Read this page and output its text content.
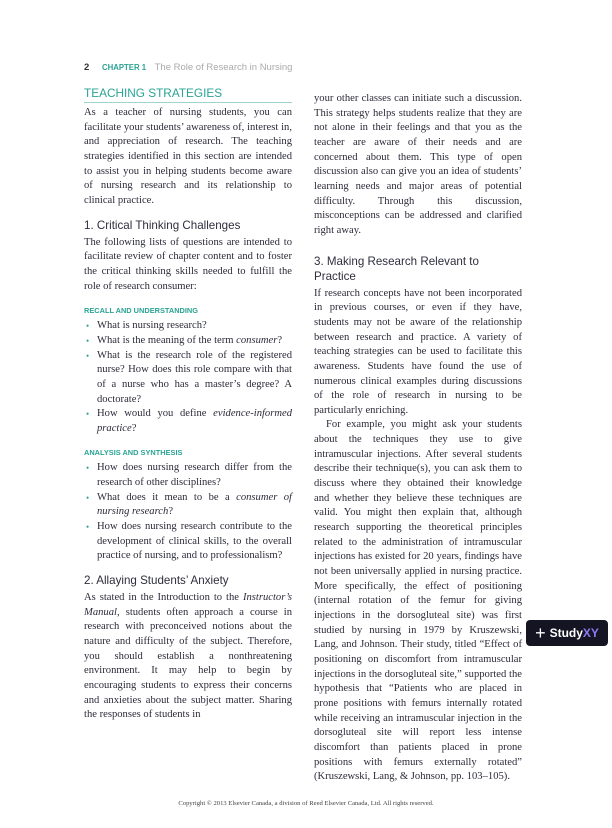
2 CHAPTER 1 The Role of Research in Nursing
TEACHING STRATEGIES

As a teacher of nursing students, you can facilitate your students’ awareness of, interest in, and appreciation of research. The teaching strategies identified in this section are intended to assist you in helping students become aware of nursing research and its relationship to clinical practice.

1. Critical Thinking Challenges

The following lists of questions are intended to facilitate review of chapter content and to foster the critical thinking skills needed to fulfill the role of research consumer:

RECALL AND UNDERSTANDING
• What is nursing research?
• What is the meaning of the term consumer?
• What is the research role of the registered nurse? How does this role compare with that of a nurse who has a master’s degree? A doctorate?
• How would you define evidence-informed practice?
ANALYSIS AND SYNTHESIS
• How does nursing research differ from the research of other disciplines?
• What does it mean to be a consumer of nursing research?
• How does nursing research contribute to the development of clinical skills, to the overall practice of nursing, and to professionalism?
2. Allaying Students’ Anxiety

As stated in the Introduction to the Instructor’s Manual, students often approach a course in research with preconceived notions about the nature and difficulty of the subject. Therefore, you should establish a nonthreatening environment. It may help to begin by encouraging students to express their concerns and anxieties about the subject matter. Sharing the responses of students in

your other classes can initiate such a discussion. This strategy helps students realize that they are not alone in their feelings and that you as the teacher are aware of their needs and are concerned about them. This type of open discussion also can give you an idea of students’ learning needs and major areas of potential difficulty. Through this discussion, misconceptions can be addressed and clarified right away.

3. Making Research Relevant to Practice

If research concepts have not been incorporated in previous courses, or even if they have, students may not be aware of the relationship between research and practice. A variety of teaching strategies can be used to facilitate this awareness. Students have found the use of numerous clinical examples during discussions of the role of research in nursing to be particularly enriching.

For example, you might ask your students about the techniques they use to give intramuscular injections. After several students describe their technique(s), you can ask them to discuss where they obtained their knowledge and whether they believe these techniques are valid. You might then explain that, although research supporting the theoretical principles related to the administration of intramuscular injections has existed for 20 years, findings have not been universally applied in nursing practice. More specifically, the effect of positioning (internal rotation of the femur for giving injections in the dorsogluteal site) was first studied by nursing in 1979 by Kruszewski, Lang, and Johnson. Their study, titled “Effect of positioning on discomfort from intramuscular injections in the dorsogluteal site,” supported the hypothesis that “Patients who are placed in prone positions with femurs internally rotated while receiving an intramuscular injection in the dorsogluteal site will report less intense discomfort than patients placed in prone positions with femurs externally rotated” (Kruszewski, Lang, & Johnson, pp. 103–105).

Copyright © 2013 Elsevier Canada, a division of Reed Elsevier Canada, Ltd. All rights reserved.
+ Study XY
